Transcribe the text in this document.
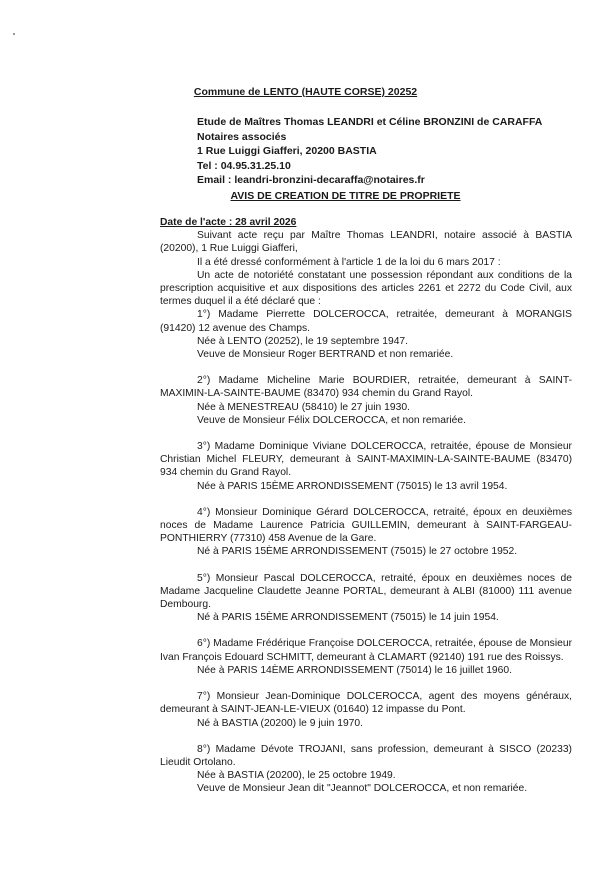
Commune de LENTO (HAUTE CORSE) 20252
Etude de Maîtres Thomas LEANDRI et Céline BRONZINI de CARAFFA
Notaires associés
1 Rue Luiggi Giafferi, 20200 BASTIA
Tel : 04.95.31.25.10
Email : leandri-bronzini-decaraffa@notaires.fr
AVIS DE CREATION DE TITRE DE PROPRIETE

Date de l'acte : 28 avril 2026

Suivant acte reçu par Maître Thomas LEANDRI, notaire associé à BASTIA (20200), 1 Rue Luiggi Giafferi,

Il a été dressé conformément à l'article 1 de la loi du 6 mars 2017 :

Un acte de notoriété constatant une possession répondant aux conditions de la prescription acquisitive et aux dispositions des articles 2261 et 2272 du Code Civil, aux termes duquel il a été déclaré que :

1°) Madame Pierrette DOLCEROCCA, retraitée, demeurant à MORANGIS (91420) 12 avenue des Champs.

Née à LENTO (20252), le 19 septembre 1947.

Veuve de Monsieur Roger BERTRAND et non remariée.

2°) Madame Micheline Marie BOURDIER, retraitée, demeurant à SAINT-MAXIMIN-LA-SAINTE-BAUME (83470) 934 chemin du Grand Rayol.

Née à MENESTREAU (58410) le 27 juin 1930.

Veuve de Monsieur Félix DOLCEROCCA, et non remariée.

3°) Madame Dominique Viviane DOLCEROCCA, retraitée, épouse de Monsieur Christian Michel FLEURY, demeurant à SAINT-MAXIMIN-LA-SAINTE-BAUME (83470) 934 chemin du Grand Rayol.

Née à PARIS 15ÈME ARRONDISSEMENT (75015) le 13 avril 1954.

4°) Monsieur Dominique Gérard DOLCEROCCA, retraité, époux en deuxièmes noces de Madame Laurence Patricia GUILLEMIN, demeurant à SAINT-FARGEAU-PONTHIERRY (77310) 458 Avenue de la Gare.

Né à PARIS 15ÈME ARRONDISSEMENT (75015) le 27 octobre 1952.

5°) Monsieur Pascal DOLCEROCCA, retraité, époux en deuxièmes noces de Madame Jacqueline Claudette Jeanne PORTAL, demeurant à ALBI (81000) 111 avenue Dembourg.

Né à PARIS 15ÈME ARRONDISSEMENT (75015) le 14 juin 1954.

6°) Madame Frédérique Françoise DOLCEROCCA, retraitée, épouse de Monsieur Ivan François Edouard SCHMITT, demeurant à CLAMART (92140) 191 rue des Roissys.

Née à PARIS 14ÈME ARRONDISSEMENT (75014) le 16 juillet 1960.

7°) Monsieur Jean-Dominique DOLCEROCCA, agent des moyens généraux, demeurant à SAINT-JEAN-LE-VIEUX (01640) 12 impasse du Pont.

Né à BASTIA (20200) le 9 juin 1970.

8°) Madame Dévote TROJANI, sans profession, demeurant à SISCO (20233) Lieudit Ortolano.

Née à BASTIA (20200), le 25 octobre 1949.

Veuve de Monsieur Jean dit "Jeannot" DOLCEROCCA, et non remariée.
